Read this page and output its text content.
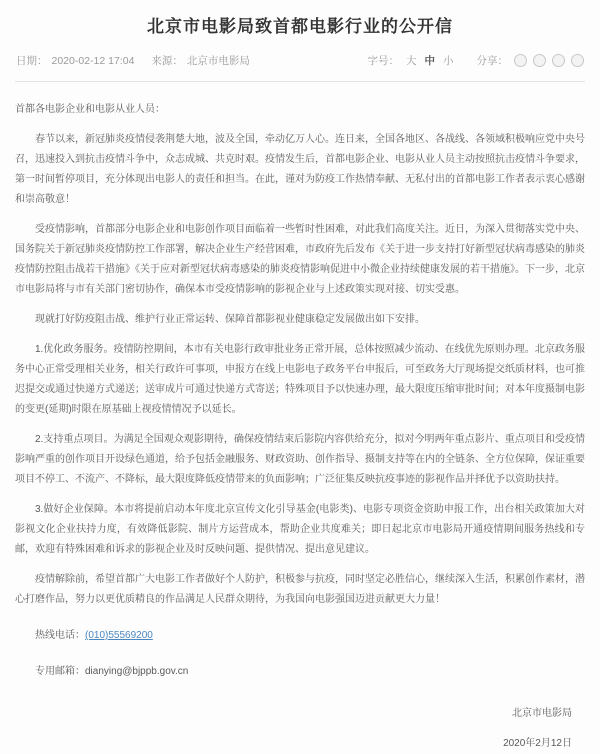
北京市电影局致首都电影行业的公开信
日期： 2020-02-12 17:04 来源： 北京市电影局	字号： 大 中 小 分享：

首都各电影企业和电影从业人员：

春节以来，新冠肺炎疫情侵袭荆楚大地，波及全国，牵动亿万人心。连日来，全国各地区、各战线、各领域积极响应党中央号召，迅速投入到抗击疫情斗争中，众志成城、共克时艰。疫情发生后，首都电影企业、电影从业人员主动按照抗击疫情斗争要求，第一时间暂停项目，充分体现出电影人的责任和担当。在此，谨对为防疫工作热情奉献、无私付出的首都电影工作者表示衷心感谢和崇高敬意！

受疫情影响，首都部分电影企业和电影创作项目面临着一些暂时性困难，对此我们高度关注。近日，为深入贯彻落实党中央、国务院关于新冠肺炎疫情防控工作部署，解决企业生产经营困难，市政府先后发布《关于进一步支持打好新型冠状病毒感染的肺炎疫情防控阻击战若干措施》《关于应对新型冠状病毒感染的肺炎疫情影响促进中小微企业持续健康发展的若干措施》。下一步，北京市电影局将与市有关部门密切协作，确保本市受疫情影响的影视企业与上述政策实现对接、切实受惠。

现就打好防疫阻击战、维护行业正常运转、保障首都影视业健康稳定发展做出如下安排。

1.优化政务服务。疫情防控期间，本市有关电影行政审批业务正常开展，总体按照减少流动、在线优先原则办理。北京政务服务中心正常受理相关业务，相关行政许可事项，申报方在线上电影电子政务平台申报后，可至政务大厅现场提交纸质材料，也可推迟提交或通过快递方式递送；送审成片可通过快递方式寄送；特殊项目予以快速办理，最大限度压缩审批时间；对本年度摄制电影的变更(延期)时限在原基础上视疫情情况予以延长。

2.支持重点项目。为满足全国观众观影期待，确保疫情结束后影院内容供给充分，拟对今明两年重点影片、重点项目和受疫情影响严重的创作项目开设绿色通道，给予包括金融服务、财政资助、创作指导、摄制支持等在内的全链条、全方位保障，保证重要项目不停工、不流产、不降标，最大限度降低疫情带来的负面影响；广泛征集反映抗疫事迹的影视作品并择优予以资助扶持。

3.做好企业保障。本市将提前启动本年度北京宣传文化引导基金(电影类)、电影专项资金资助申报工作，出台相关政策加大对影视文化企业扶持力度，有效降低影院、制片方运营成本，帮助企业共度难关；即日起北京市电影局开通疫情期间服务热线和专邮，欢迎有特殊困难和诉求的影视企业及时反映问题、提供情况、提出意见建议。

疫情解除前，希望首都广大电影工作者做好个人防护，积极参与抗疫，同时坚定必胜信心，继续深入生活，积累创作素材，潜心打磨作品，努力以更优质精良的作品满足人民群众期待，为我国向电影强国迈进贡献更大力量！

热线电话：(010)55569200

专用邮箱：dianying@bjppb.gov.cn

北京市电影局
2020年2月12日
